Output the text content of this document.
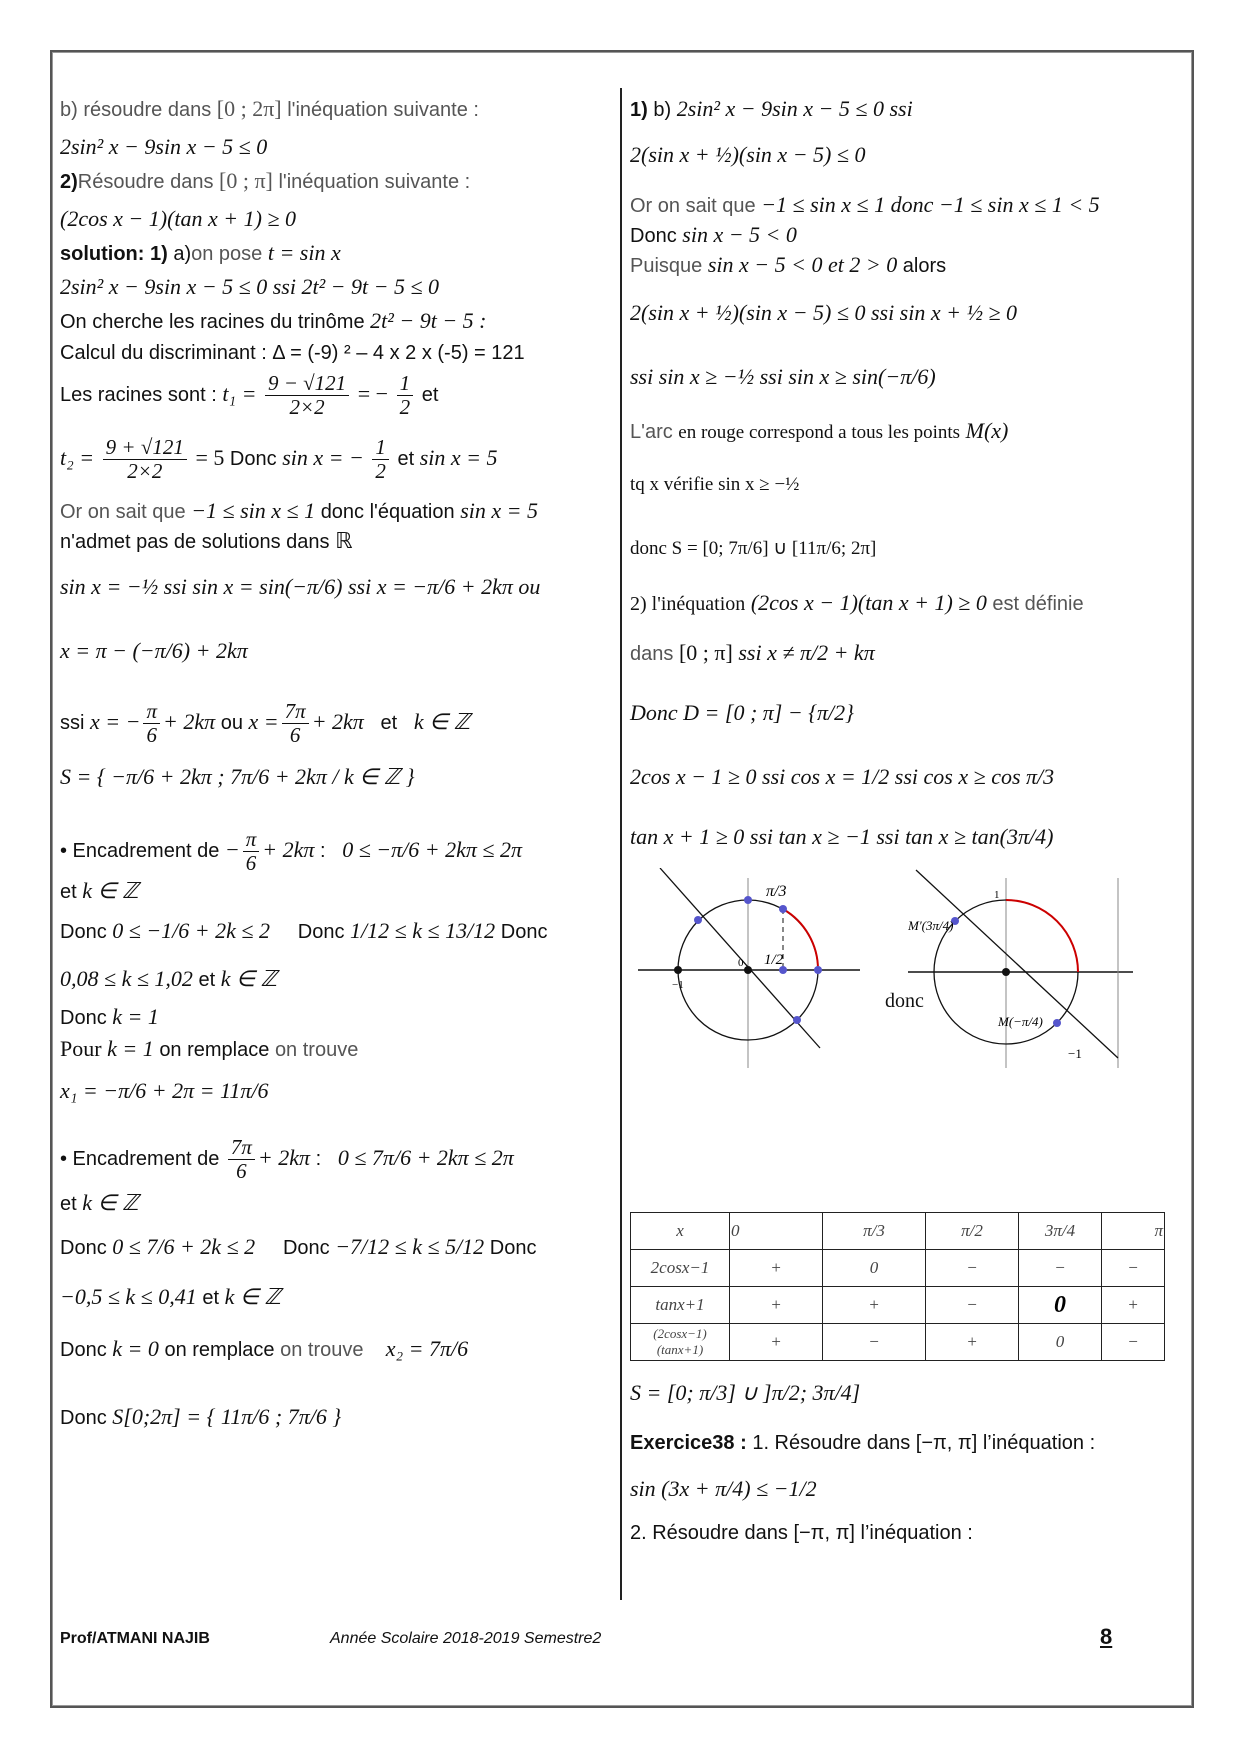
b) résoudre dans [0 ; 2π] l'inéquation suivante :
2sin² x − 9sin x − 5 ≤ 0
2)Résoudre dans [0 ; π] l'inéquation suivante :
(2cos x − 1)(tan x + 1) ≥ 0
solution: 1) a)on pose t = sin x
2sin² x − 9sin x − 5 ≤ 0 ssi 2t² − 9t − 5 ≤ 0
On cherche les racines du trinôme 2t² − 9t − 5 :
Calcul du discriminant : Δ = (-9) ² – 4 x 2 x (-5) = 121
Les racines sont : $t_1 = \frac{9 - √121}{2\times 2}$ = − $\frac{1}{2}$ et
$t_2 = \frac{9 + √121}{2\times 2} = 5$ Donc sin x = − $\frac{1}{2}$ et sin x = 5
Or on sait que −1 ≤ sin x ≤ 1 donc l'équation sin x = 5
n'admet pas de solutions dans ℝ
sin x = −½ ssi sin x = sin(−π/6) ssi x = −π/6 + 2kπ ou
x = π − (−π/6) + 2kπ
ssi x = − $\frac{\pi}{6} + 2k\pi$ ou $x = \frac{7\pi}{6} + 2k\pi$ et k ∈ ℤ
S = { −π/6 + 2kπ ; 7π/6 + 2kπ / k ∈ ℤ }
• Encadrement de − $\frac{\pi}{6} + 2k\pi$ :   0 ≤ −π/6 + 2kπ ≤ 2π
et k ∈ ℤ
Donc 0 ≤ −1/6 + 2k ≤ 2 Donc 1/12 ≤ k ≤ 13/12 Donc
0,08 ≤ k ≤ 1,02 et k ∈ ℤ
Donc k = 1
Pour k = 1 on remplace on trouve
x₁ = −π/6 + 2π = 11π/6
• Encadrement de $\frac{7\pi}{6} + 2k\pi$ :   0 ≤ 7π/6 + 2kπ ≤ 2π
et k ∈ ℤ
Donc 0 ≤ 7/6 + 2k ≤ 2 Donc −7/12 ≤ k ≤ 5/12 Donc
−0,5 ≤ k ≤ 0,41 et k ∈ ℤ
Donc k = 0 on remplace on trouve x₂ = 7π/6
Donc S[0;2π] = { 11π/6 ; 7π/6 }
1) b) 2sin² x − 9sin x − 5 ≤ 0 ssi
2(sin x + ½)(sin x − 5) ≤ 0
Or on sait que −1 ≤ sin x ≤ 1 donc −1 ≤ sin x ≤ 1 < 5
Donc sin x − 5 < 0
Puisque sin x − 5 < 0 et 2 > 0 alors
2(sin x + ½)(sin x − 5) ≤ 0 ssi sin x + ½ ≥ 0
ssi sin x ≥ −½ ssi sin x ≥ sin(−π/6)
L'arc en rouge correspond a tous les points M(x)
tq x vérifie sin x ≥ −½
donc S = [0; 7π/6] ∪ [11π/6; 2π]
2) l'inéquation (2cos x − 1)(tan x + 1) ≥ 0 est définie
dans [0 ; π] ssi x ≠ π/2 + kπ
Donc D = [0 ; π] − {π/2}
2cos x − 1 ≥ 0 ssi cos x = 1/2 ssi cos x ≥ cos π/3
tan x + 1 ≥ 0 ssi tan x ≥ −1 ssi tan x ≥ tan(3π/4)
π/3
1/2
0
−1
donc
M′(3π/4)
M(−π/4)
1
−1
x	0	π/3	π/2	3π/4	π
2cosx−1	+	0	−	−	−
tanx+1	+	+	−	0	+
(2cosx−1)(tanx+1)	+	−	+	0	−
S = [0; π/3] ∪ ]π/2; 3π/4]
Exercice38 : 1. Résoudre dans [−π, π] l’inéquation :
sin (3x + π/4) ≤ −1/2
2. Résoudre dans [−π, π] l’inéquation :
Prof/ATMANI NAJIB	Année Scolaire 2018-2019 Semestre2	8
